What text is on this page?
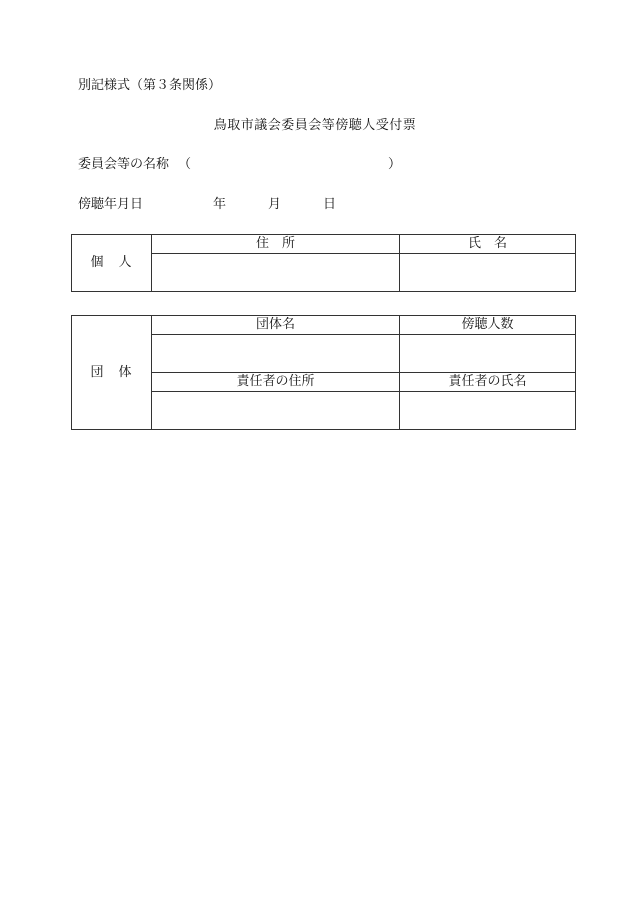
別記様式（第３条関係）
鳥取市議会委員会等傍聴人受付票
委員会等の名称 （	）
傍聴年月日	年	月	日
個　人	住　所	氏　名

団　体	団体名	傍聴人数

	責任者の住所	責任者の氏名
